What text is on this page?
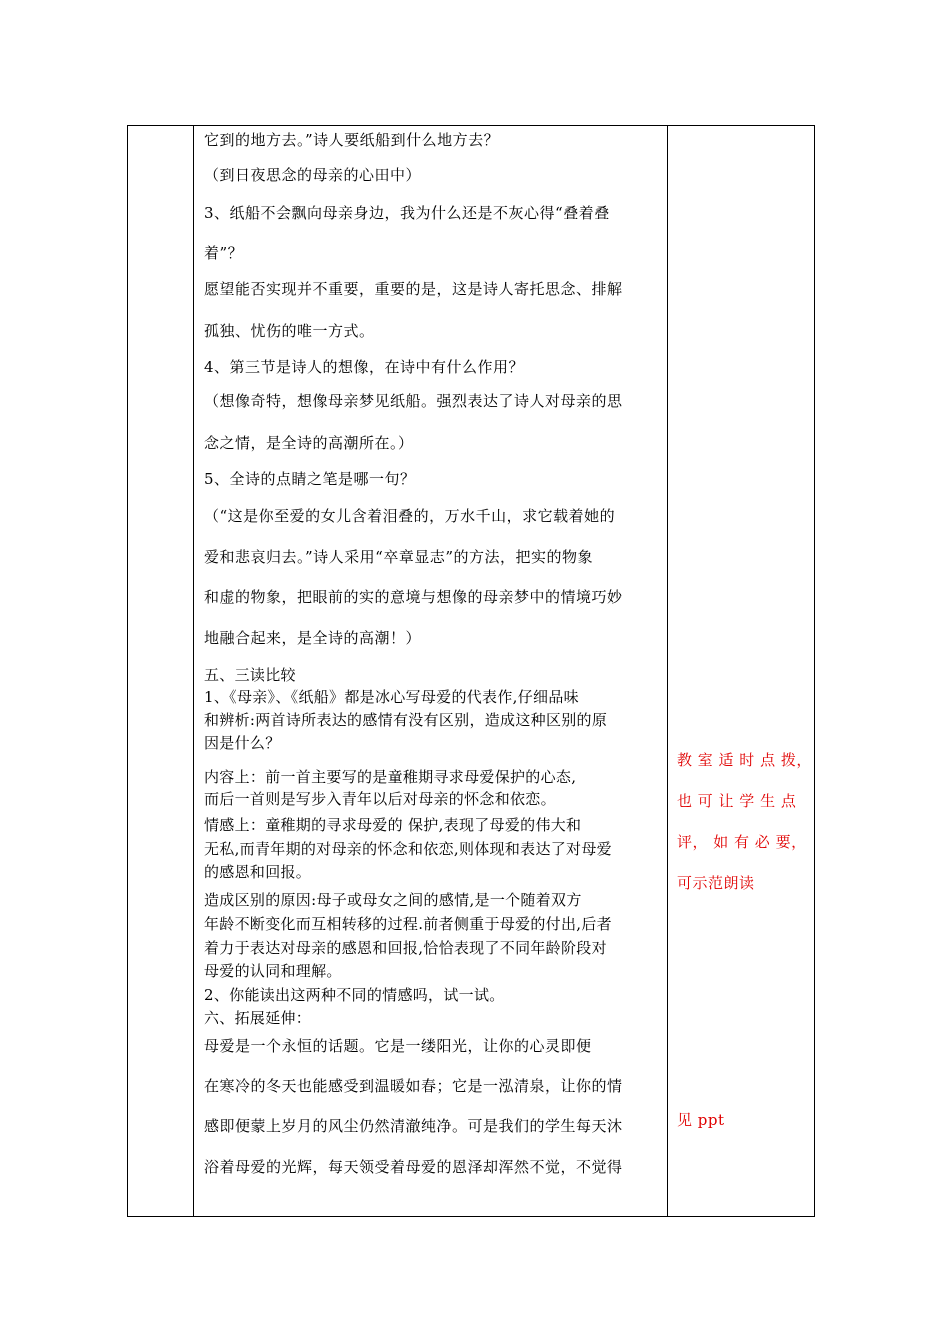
它到的地方去。”诗人要纸船到什么地方去？
（到日夜思念的母亲的心田中）
3、纸船不会飘向母亲身边，我为什么还是不灰心得“叠着叠
着”？
愿望能否实现并不重要，重要的是，这是诗人寄托思念、排解
孤独、忧伤的唯一方式。
4、第三节是诗人的想像，在诗中有什么作用？
（想像奇特，想像母亲梦见纸船。强烈表达了诗人对母亲的思
念之情，是全诗的高潮所在。）
5、全诗的点睛之笔是哪一句？
（“这是你至爱的女儿含着泪叠的，万水千山，求它载着她的
爱和悲哀归去。”诗人采用“卒章显志”的方法，把实的物象
和虚的物象，把眼前的实的意境与想像的母亲梦中的情境巧妙
地融合起来，是全诗的高潮！）
五、三读比较
1、《母亲》、《纸船》都是冰心写母爱的代表作,仔细品味
和辨析:两首诗所表达的感情有没有区别，造成这种区别的原
因是什么？
内容上：前一首主要写的是童稚期寻求母爱保护的心态,
而后一首则是写步入青年以后对母亲的怀念和依恋。
情感上：童稚期的寻求母爱的 保护,表现了母爱的伟大和
无私,而青年期的对母亲的怀念和依恋,则体现和表达了对母爱
的感恩和回报。
造成区别的原因:母子或母女之间的感情,是一个随着双方
年龄不断变化而互相转移的过程.前者侧重于母爱的付出,后者
着力于表达对母亲的感恩和回报,恰恰表现了不同年龄阶段对
母爱的认同和理解。
2、你能读出这两种不同的情感吗，试一试。
六、拓展延伸：
母爱是一个永恒的话题。它是一缕阳光，让你的心灵即便
在寒冷的冬天也能感受到温暖如春；它是一泓清泉，让你的情
感即便蒙上岁月的风尘仍然清澈纯净。可是我们的学生每天沐
浴着母爱的光辉，每天领受着母爱的恩泽却浑然不觉，不觉得
教 室 适 时 点 拨，
也 可 让 学 生 点
评， 如 有 必 要，
可示范朗读
见 ppt
